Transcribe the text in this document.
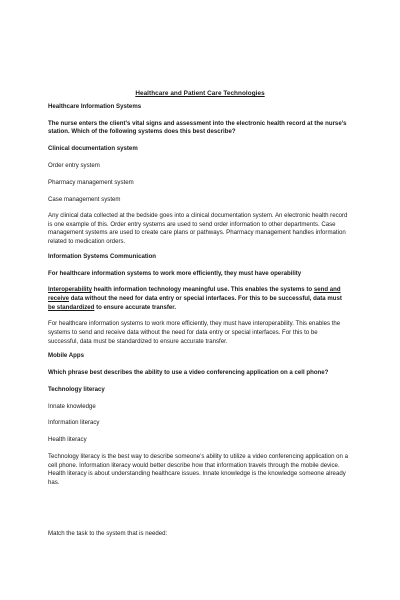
Healthcare and Patient Care Technologies

Healthcare Information Systems

The nurse enters the client’s vital signs and assessment into the electronic health record at the nurse’s station. Which of the following systems does this best describe?

Clinical documentation system

Order entry system

Pharmacy management system

Case management system

Any clinical data collected at the bedside goes into a clinical documentation system. An electronic health record is one example of this. Order entry systems are used to send order information to other departments. Case management systems are used to create care plans or pathways. Pharmacy management handles information related to medication orders.

Information Systems Communication

For healthcare information systems to work more efficiently, they must have operability

Interoperability health information technology meaningful use. This enables the systems to send and receive data without the need for data entry or special interfaces. For this to be successful, data must be standardized to ensure accurate transfer.

For healthcare information systems to work more efficiently, they must have interoperability. This enables the systems to send and receive data without the need for data entry or special interfaces. For this to be successful, data must be standardized to ensure accurate transfer.

Mobile Apps

Which phrase best describes the ability to use a video conferencing application on a cell phone?

Technology literacy

Innate knowledge

Information literacy

Health literacy

Technology literacy is the best way to describe someone’s ability to utilize a video conferencing application on a cell phone. Information literacy would better describe how that information travels through the mobile device. Health literacy is about understanding healthcare issues. Innate knowledge is the knowledge someone already has.

Match the task to the system that is needed:
